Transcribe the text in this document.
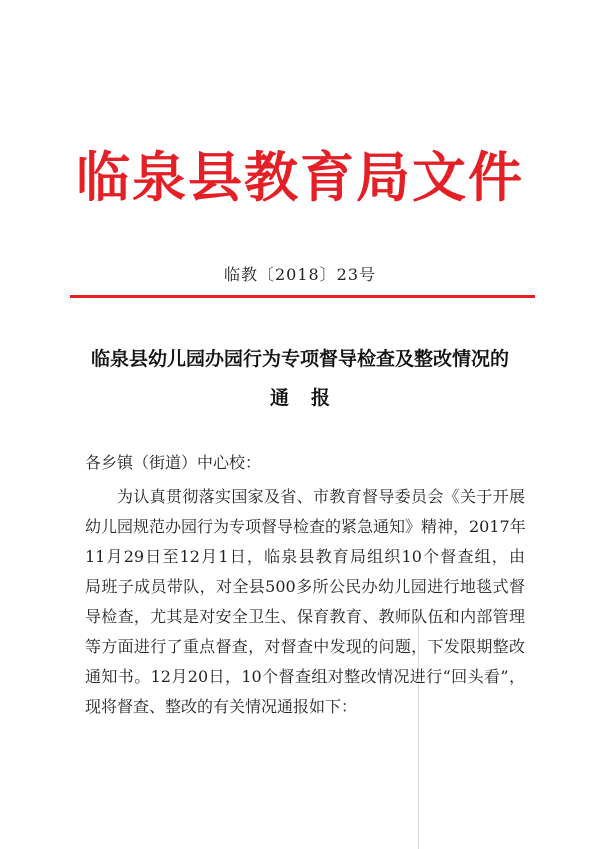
临泉县教育局文件
临教〔2018〕23号
临泉县幼儿园办园行为专项督导检查及整改情况的
通报
各乡镇（街道）中心校：
为认真贯彻落实国家及省、市教育督导委员会《关于开展
幼儿园规范办园行为专项督导检查的紧急通知》精神，2017年
11月29日至12月1日，临泉县教育局组织10个督查组，由
局班子成员带队，对全县500多所公民办幼儿园进行地毯式督
导检查，尤其是对安全卫生、保育教育、教师队伍和内部管理
等方面进行了重点督查，对督查中发现的问题，下发限期整改
通知书。12月20日，10个督查组对整改情况进行“回头看”，
现将督查、整改的有关情况通报如下：
